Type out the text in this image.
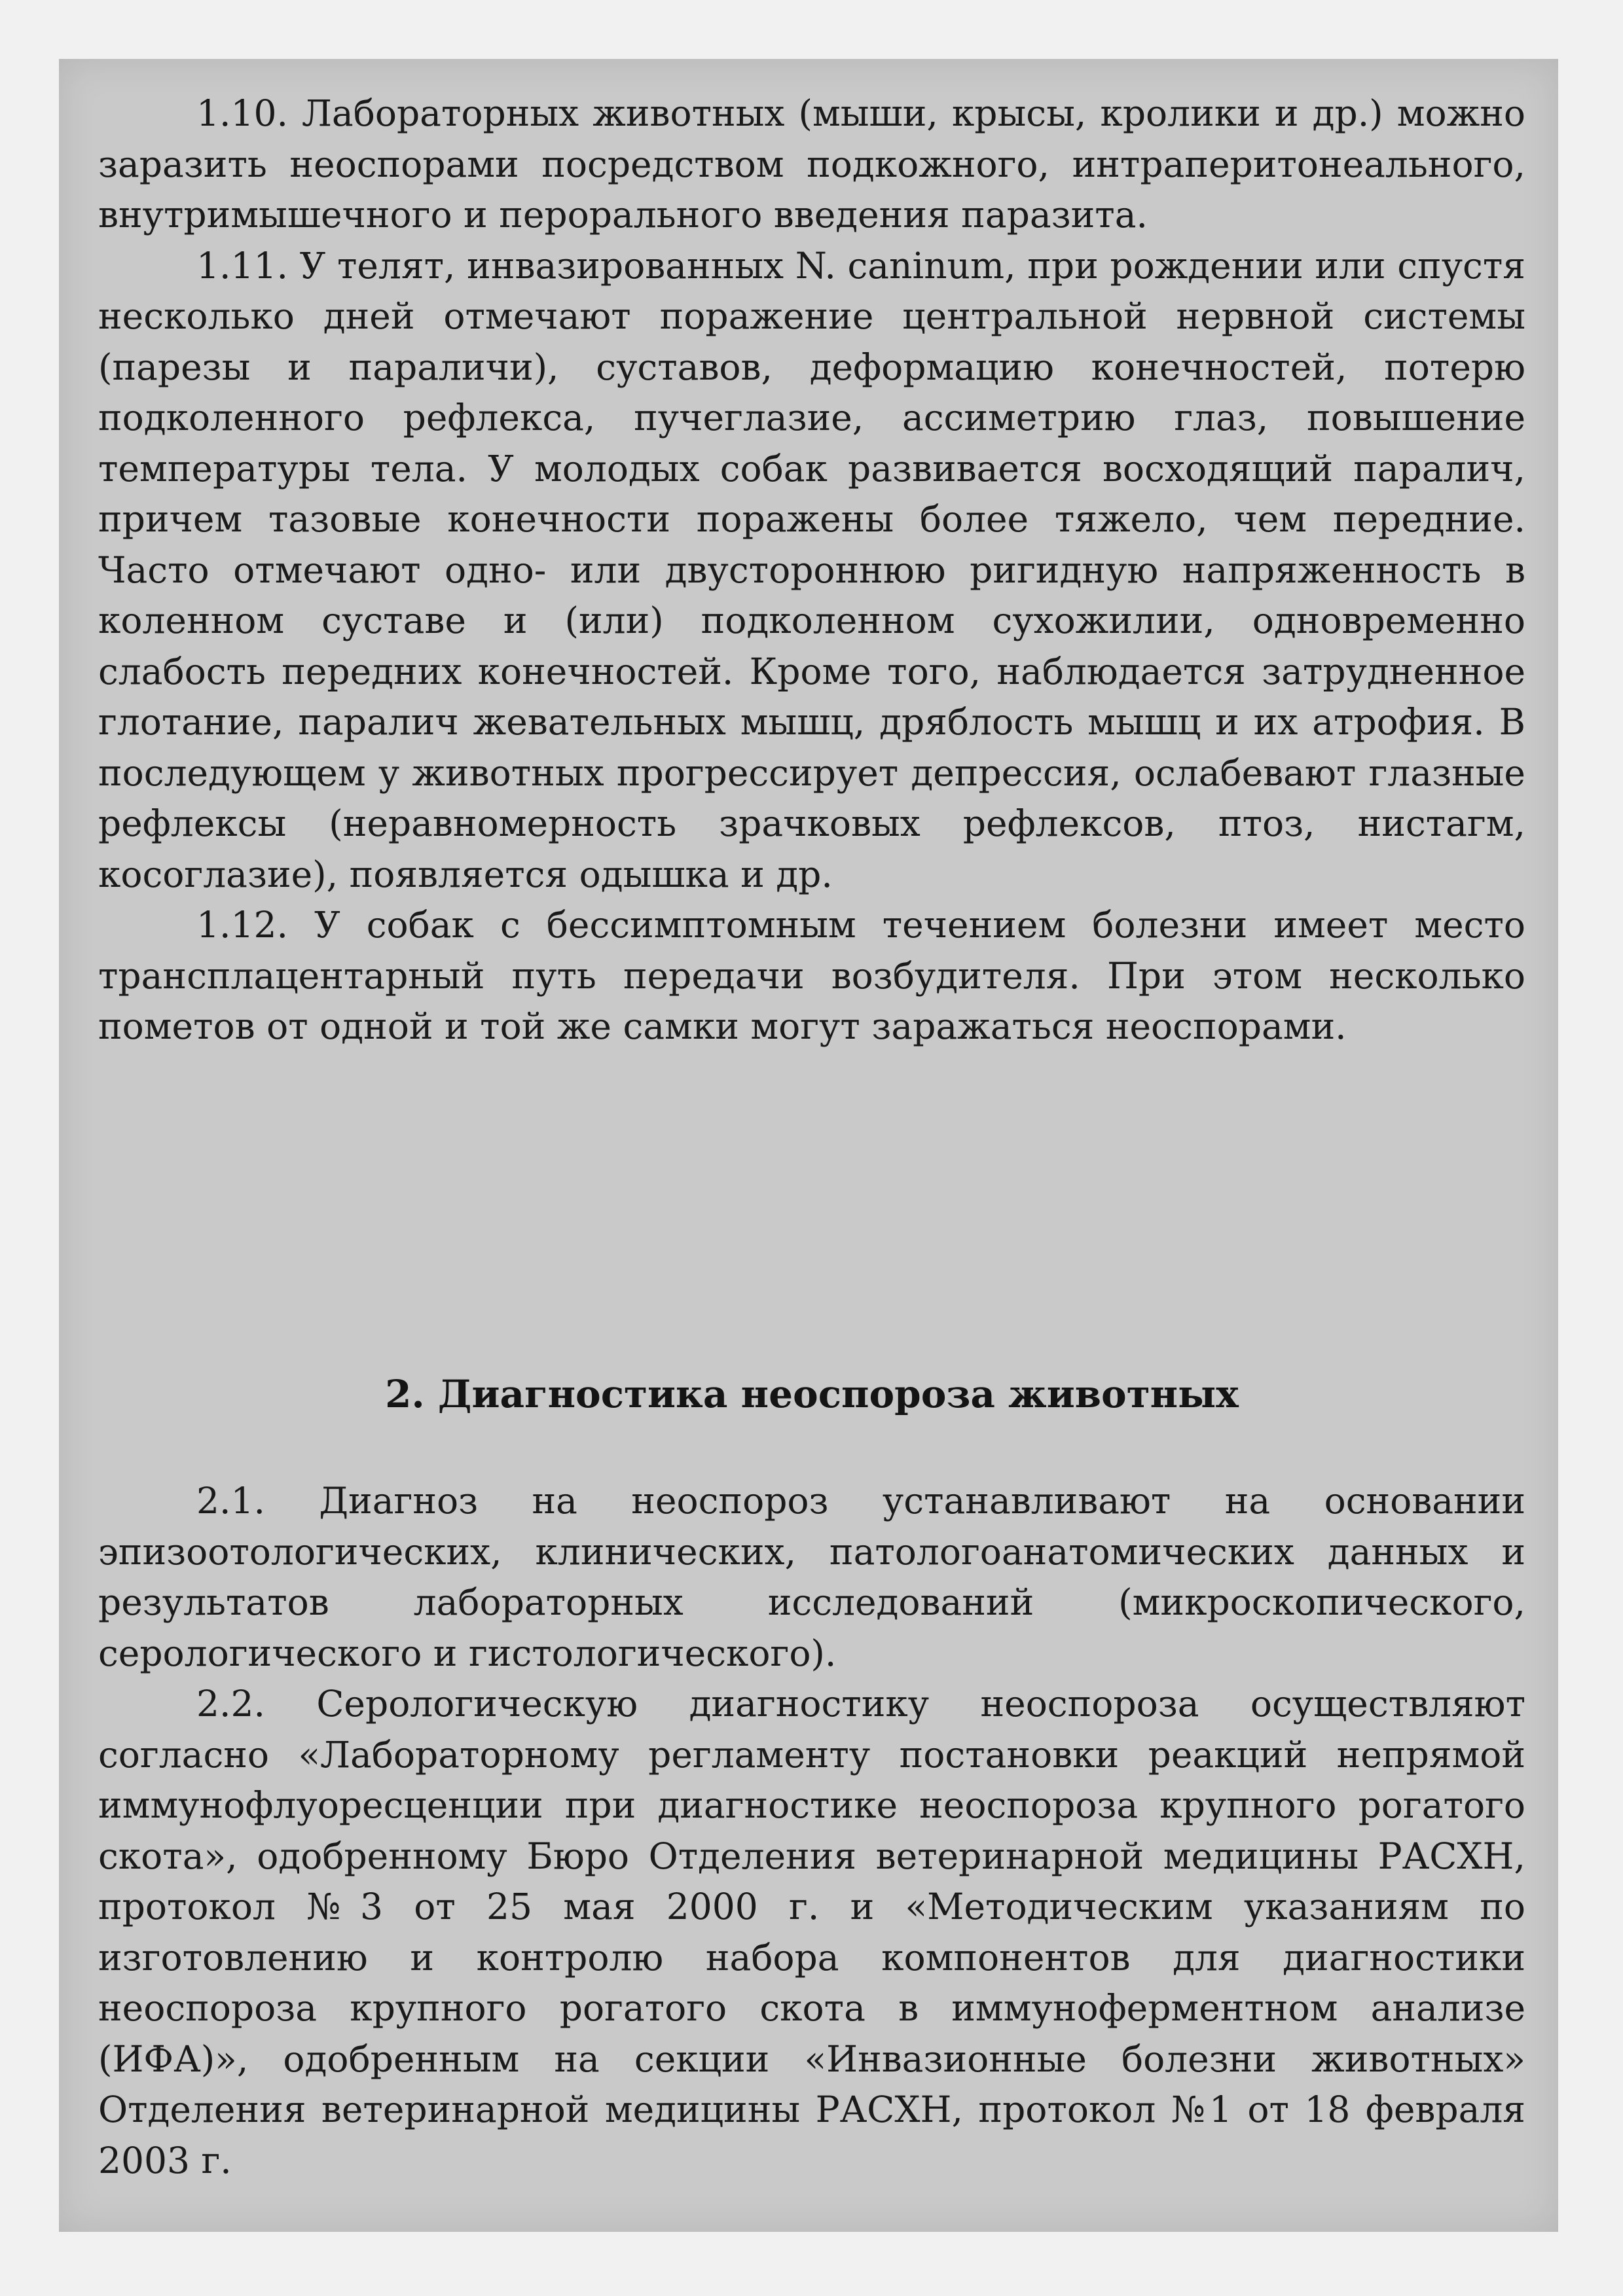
1.10. Лабораторных животных (мыши, крысы, кролики и др.) можно заразить неоспорами посредством подкожного, интраперитонеального, внутримышечного и перорального введения паразита.

1.11. У телят, инвазированных N. caninum, при рождении или спустя несколько дней отмечают поражение центральной нервной системы (парезы и параличи), суставов, деформацию конечностей, потерю подколенного рефлекса, пучеглазие, ассиметрию глаз, повышение температуры тела. У молодых собак развивается восходящий паралич, причем тазовые конечности поражены более тяжело, чем передние. Часто отмечают одно- или двустороннюю ригидную напряженность в коленном суставе и (или) подколенном сухожилии, одновременно слабость передних конечностей. Кроме того, наблюдается затрудненное глотание, паралич жевательных мышц, дряблость мышц и их атрофия. В последующем у животных прогрессирует депрессия, ослабевают глазные рефлексы (неравномерность зрачковых рефлексов, птоз, нистагм, косоглазие), появляется одышка и др.

1.12. У собак с бессимптомным течением болезни имеет место трансплацентарный путь передачи возбудителя. При этом несколько пометов от одной и той же самки могут заражаться неоспорами.

2. Диагностика неоспороза животных

2.1. Диагноз на неоспороз устанавливают на основании эпизоотологических, клинических, патологоанатомических данных и результатов лабораторных исследований (микроскопического, серологического и гистологического).

2.2. Серологическую диагностику неоспороза осуществляют согласно «Лабораторному регламенту постановки реакций непрямой иммунофлуоресценции при диагностике неоспороза крупного рогатого скота», одобренному Бюро Отделения ветеринарной медицины РАСХН, протокол №3 от 25 мая 2000 г. и «Методическим указаниям по изготовлению и контролю набора компонентов для диагностики неоспороза крупного рогатого скота в иммуноферментном анализе (ИФА)», одобренным на секции «Инвазионные болезни животных» Отделения ветеринарной медицины РАСХН, протокол №1 от 18 февраля 2003 г.
